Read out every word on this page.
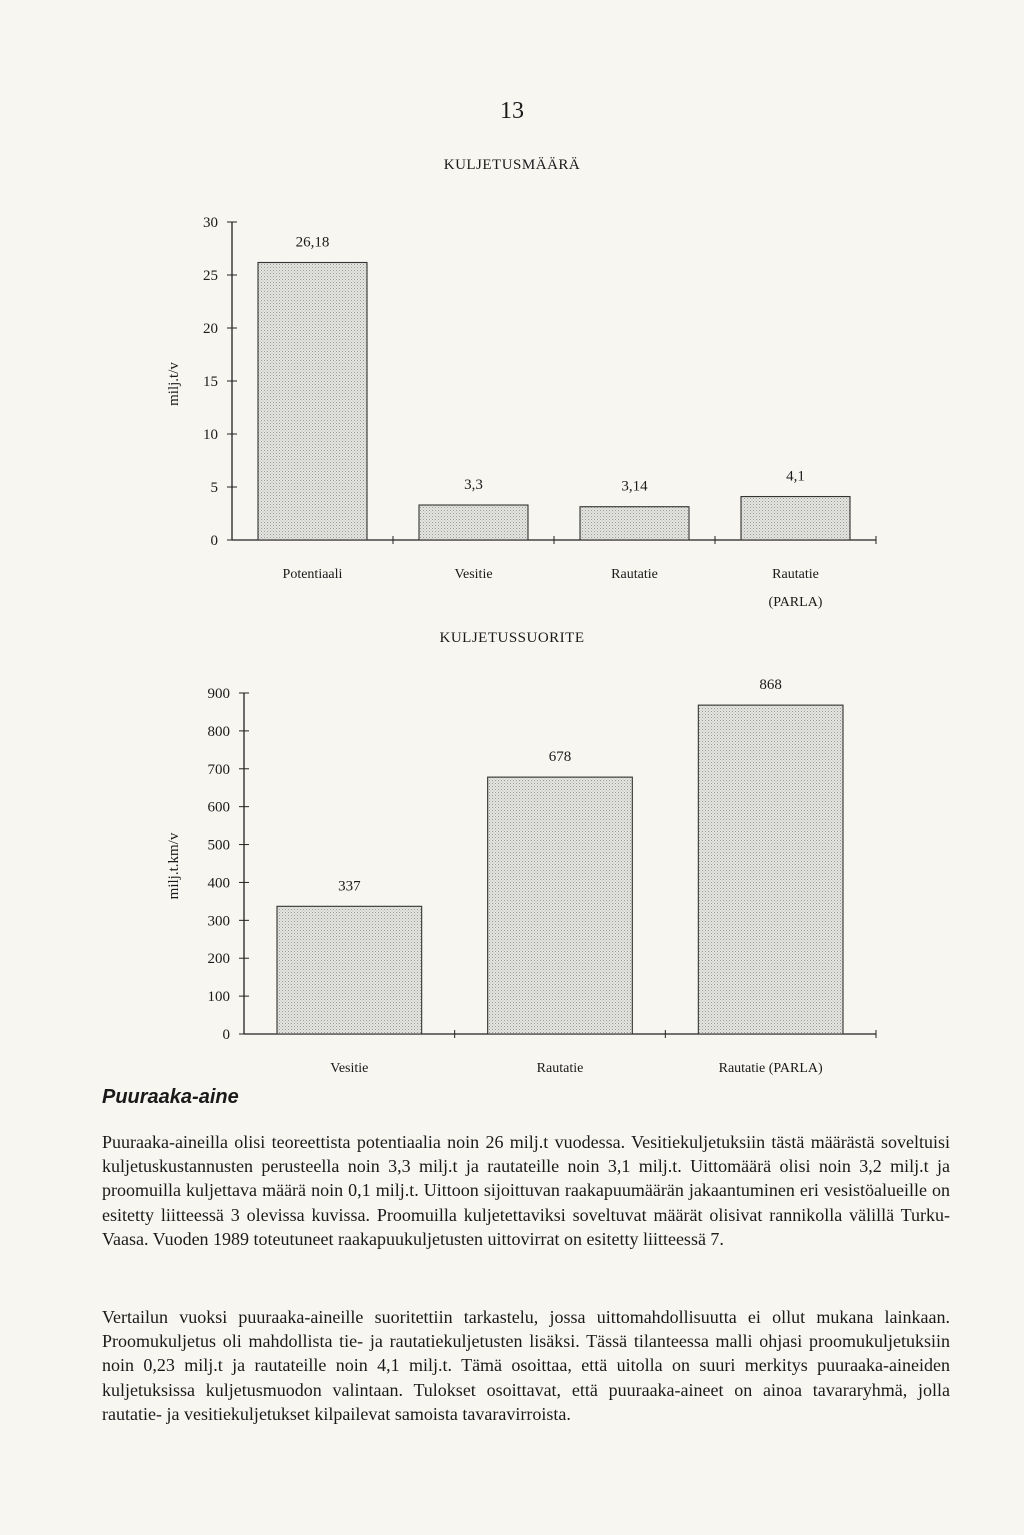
13
KULJETUSMÄÄRÄ
0
5
10
15
20
25
30
milj.t/v
26,18
Potentiaali
3,3
Vesitie
3,14
Rautatie
4,1
Rautatie
(PARLA)
KULJETUSSUORITE
0
100
200
300
400
500
600
700
800
900
milj.t.km/v	337
Vesitie
678
Rautatie
868
Rautatie (PARLA)
Puuraaka-aine

Puuraaka-aineilla olisi teoreettista potentiaalia noin 26 milj.t vuodessa. Vesitiekuljetuksiin tästä määrästä soveltuisi kuljetuskustannusten perusteella noin 3,3 milj.t ja rautateille noin 3,1 milj.t. Uittomäärä olisi noin 3,2 milj.t ja proomuilla kuljettava määrä noin 0,1 milj.t. Uittoon sijoittuvan raakapuumäärän jakaantuminen eri vesistöalueille on esitetty liitteessä 3 olevissa kuvissa. Proomuilla kuljetettaviksi soveltuvat määrät olisivat rannikolla välillä Turku-Vaasa. Vuoden 1989 toteutuneet raakapuukuljetusten uittovirrat on esitetty liitteessä 7.

Vertailun vuoksi puuraaka-aineille suoritettiin tarkastelu, jossa uittomahdollisuutta ei ollut mukana lainkaan. Proomukuljetus oli mahdollista tie- ja rautatiekuljetusten lisäksi. Tässä tilanteessa malli ohjasi proomukuljetuksiin noin 0,23 milj.t ja rautateille noin 4,1 milj.t. Tämä osoittaa, että uitolla on suuri merkitys puuraaka-aineiden kuljetuksissa kuljetusmuodon valintaan. Tulokset osoittavat, että puuraaka-aineet on ainoa tavararyhmä, jolla rautatie- ja vesitiekuljetukset kilpailevat samoista tavaravirroista.
